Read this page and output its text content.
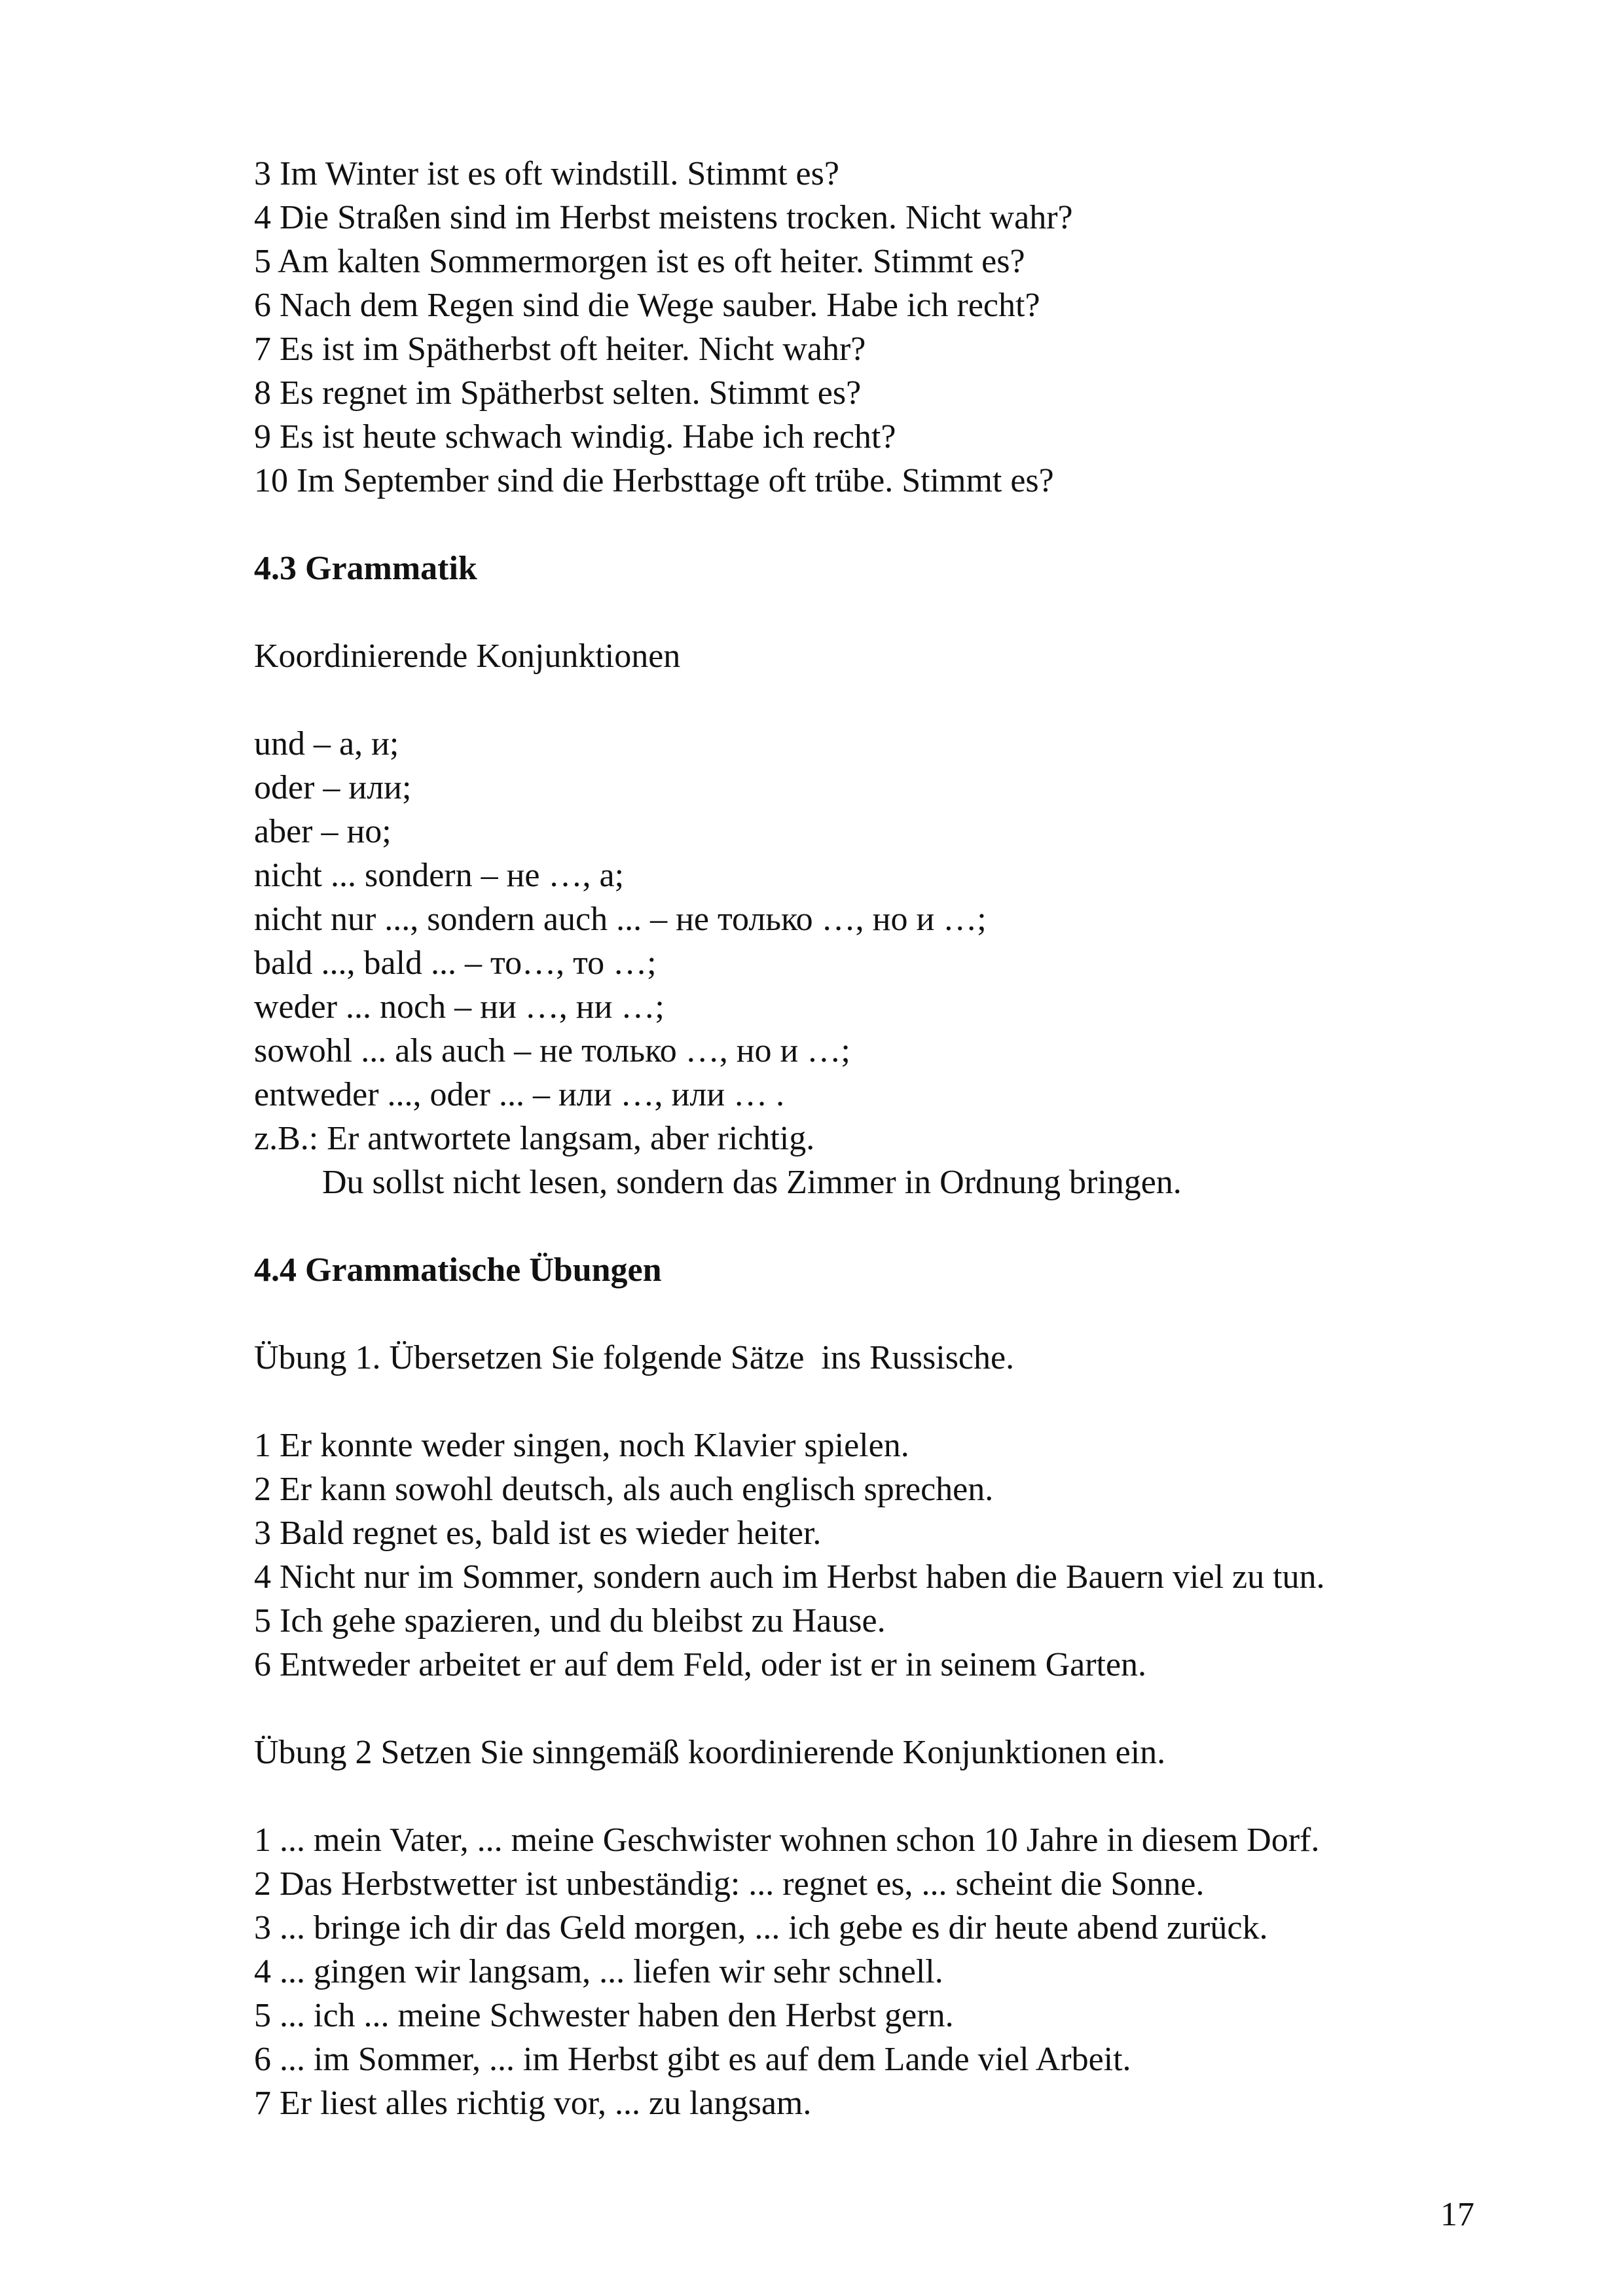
3 Im Winter ist es oft windstill. Stimmt es?

4 Die Straßen sind im Herbst meistens trocken. Nicht wahr?

5 Am kalten Sommermorgen ist es oft heiter. Stimmt es?

6 Nach dem Regen sind die Wege sauber. Habe ich recht?

7 Es ist im Spätherbst oft heiter. Nicht wahr?

8 Es regnet im Spätherbst selten. Stimmt es?

9 Es ist heute schwach windig. Habe ich recht?

10 Im September sind die Herbsttage oft trübe. Stimmt es?

4.3 Grammatik

Koordinierende Konjunktionen

und – а, и;

oder – или;

aber – но;

nicht ... sondern – не …, а;

nicht nur ..., sondern auch ... – не только …, но и …;

bald ..., bald ... – то…, то …;

weder ... noch – ни …, ни …;

sowohl ... als auch – не только …, но и …;

entweder ..., oder ... – или …, или … .

z.B.: Er antwortete langsam, aber richtig.

Du sollst nicht lesen, sondern das Zimmer in Ordnung bringen.

4.4 Grammatische Übungen

Übung 1. Übersetzen Sie folgende Sätze  ins Russische.

1 Er konnte weder singen, noch Klavier spielen.

2 Er kann sowohl deutsch, als auch englisch sprechen.

3 Bald regnet es, bald ist es wieder heiter.

4 Nicht nur im Sommer, sondern auch im Herbst haben die Bauern viel zu tun.

5 Ich gehe spazieren, und du bleibst zu Hause.

6 Entweder arbeitet er auf dem Feld, oder ist er in seinem Garten.

Übung 2 Setzen Sie sinngemäß koordinierende Konjunktionen ein.

1 ... mein Vater, ... meine Geschwister wohnen schon 10 Jahre in diesem Dorf.

2 Das Herbstwetter ist unbeständig: ... regnet es, ... scheint die Sonne.

3 ... bringe ich dir das Geld morgen, ... ich gebe es dir heute abend zurück.

4 ... gingen wir langsam, ... liefen wir sehr schnell.

5 ... ich ... meine Schwester haben den Herbst gern.

6 ... im Sommer, ... im Herbst gibt es auf dem Lande viel Arbeit.

7 Er liest alles richtig vor, ... zu langsam.

17
